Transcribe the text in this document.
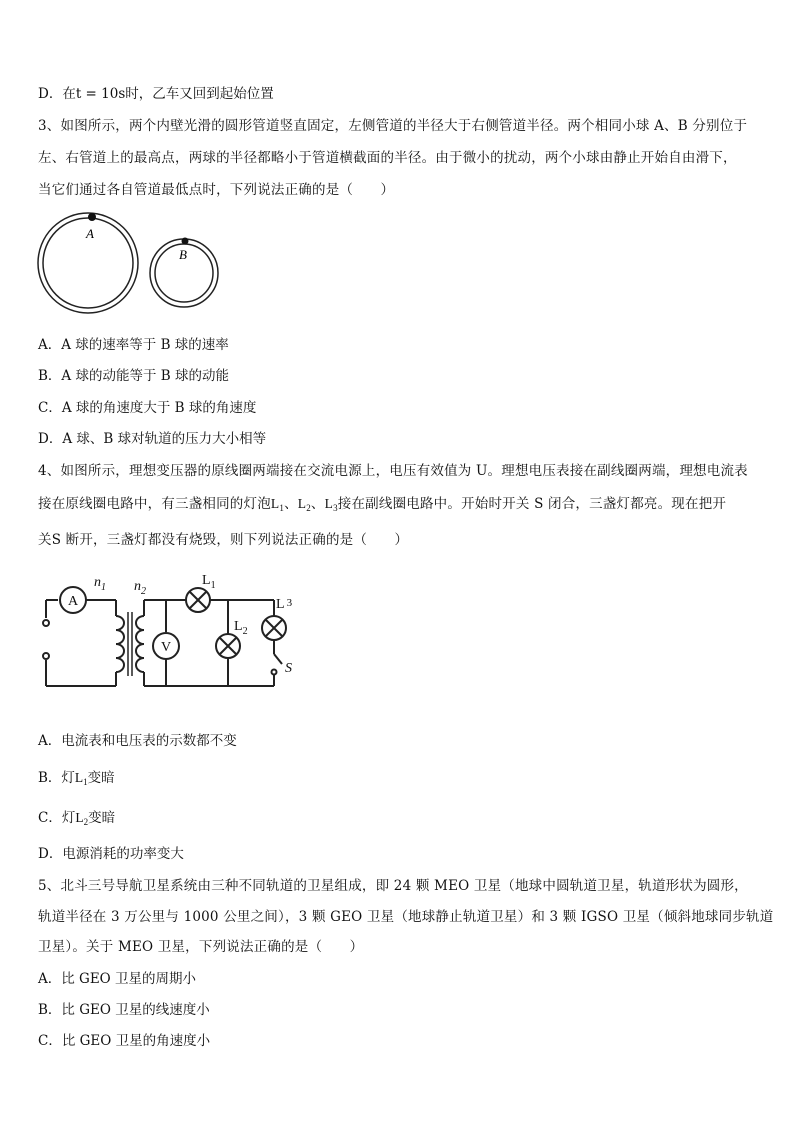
D．在t = 10s时，乙车又回到起始位置
3、如图所示，两个内壁光滑的圆形管道竖直固定，左侧管道的半径大于右侧管道半径。两个相同小球 A、B 分别位于
左、右管道上的最高点，两球的半径都略小于管道横截面的半径。由于微小的扰动，两个小球由静止开始自由滑下，
当它们通过各自管道最低点时，下列说法正确的是（　　）
A
B
A．A 球的速率等于 B 球的速率
B．A 球的动能等于 B 球的动能
C．A 球的角速度大于 B 球的角速度
D．A 球、B 球对轨道的压力大小相等
4、如图所示，理想变压器的原线圈两端接在交流电源上，电压有效值为 U。理想电压表接在副线圈两端，理想电流表
接在原线圈电路中，有三盏相同的灯泡$L_1$、$L_2$、$L_3$接在副线圈电路中。开始时开关 S 闭合，三盏灯都亮。现在把开
关S 断开，三盏灯都没有烧毁，则下列说法正确的是（　　）
A
V
$n_1$ $n_2$
$L_1$
$L_2$
L 3
S
A．电流表和电压表的示数都不变
B．灯$L_1$变暗
C．灯$L_2$变暗
D．电源消耗的功率变大
5、北斗三号导航卫星系统由三种不同轨道的卫星组成，即 24 颗 MEO 卫星（地球中圆轨道卫星，轨道形状为圆形，
轨道半径在 3 万公里与 1000 公里之间），3 颗 GEO 卫星（地球静止轨道卫星）和 3 颗 IGSO 卫星（倾斜地球同步轨道
卫星）。关于 MEO 卫星，下列说法正确的是（　　）
A．比 GEO 卫星的周期小
B．比 GEO 卫星的线速度小
C．比 GEO 卫星的角速度小
